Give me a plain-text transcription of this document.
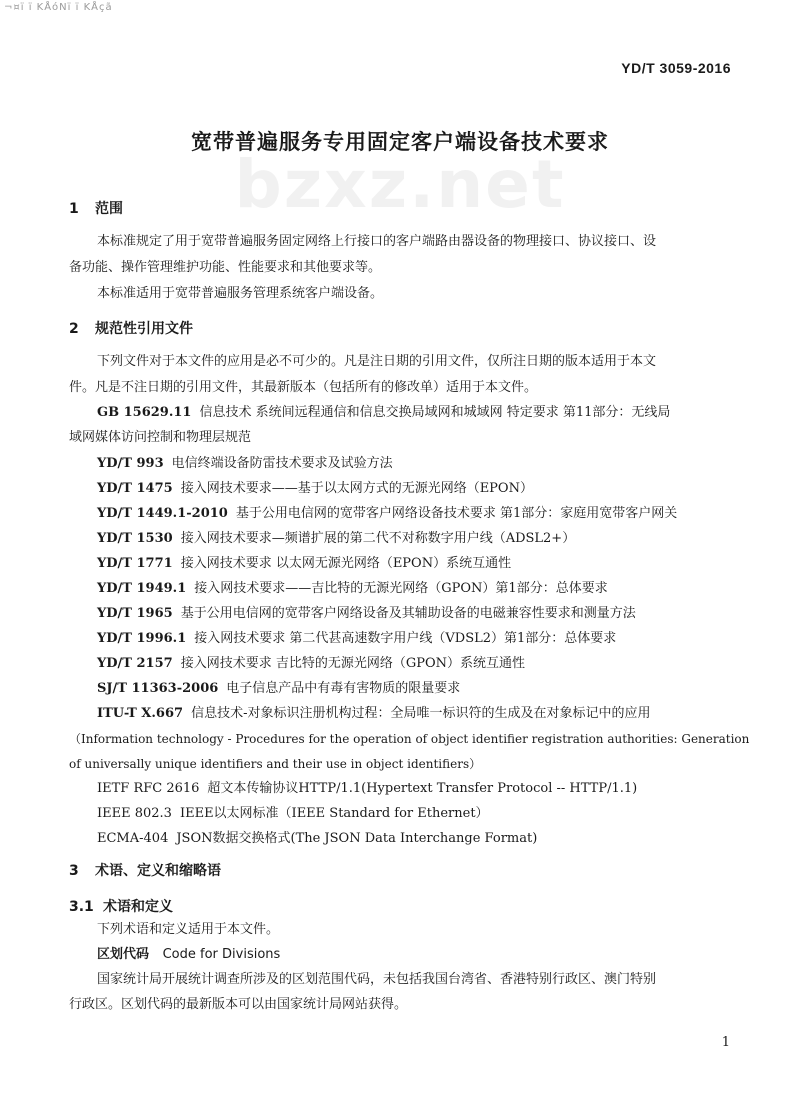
¬¤ï ï KÅóNï ï KÅçã
YD/T 3059-2016
宽带普遍服务专用固定客户端设备技术要求
bzxz.net
1 范围
本标准规定了用于宽带普遍服务固定网络上行接口的客户端路由器设备的物理接口、协议接口、设
备功能、操作管理维护功能、性能要求和其他要求等。
本标准适用于宽带普遍服务管理系统客户端设备。
2 规范性引用文件
下列文件对于本文件的应用是必不可少的。凡是注日期的引用文件，仅所注日期的版本适用于本文
件。凡是不注日期的引用文件，其最新版本（包括所有的修改单）适用于本文件。
GB 15629.11 信息技术 系统间远程通信和信息交换局域网和城域网 特定要求 第11部分：无线局
域网媒体访问控制和物理层规范
YD/T 993 电信终端设备防雷技术要求及试验方法
YD/T 1475 接入网技术要求——基于以太网方式的无源光网络（EPON）
YD/T 1449.1-2010 基于公用电信网的宽带客户网络设备技术要求 第1部分：家庭用宽带客户网关
YD/T 1530 接入网技术要求—频谱扩展的第二代不对称数字用户线（ADSL2+）
YD/T 1771 接入网技术要求 以太网无源光网络（EPON）系统互通性
YD/T 1949.1 接入网技术要求——吉比特的无源光网络（GPON）第1部分：总体要求
YD/T 1965 基于公用电信网的宽带客户网络设备及其辅助设备的电磁兼容性要求和测量方法
YD/T 1996.1 接入网技术要求 第二代甚高速数字用户线（VDSL2）第1部分：总体要求
YD/T 2157 接入网技术要求 吉比特的无源光网络（GPON）系统互通性
SJ/T 11363-2006 电子信息产品中有毒有害物质的限量要求
ITU-T X.667 信息技术-对象标识注册机构过程：全局唯一标识符的生成及在对象标记中的应用
（Information technology - Procedures for the operation of object identifier registration authorities: Generation
of universally unique identifiers and their use in object identifiers）
IETF RFC 2616 超文本传输协议HTTP/1.1(Hypertext Transfer Protocol -- HTTP/1.1)
IEEE 802.3 IEEE以太网标准（IEEE Standard for Ethernet）
ECMA-404 JSON数据交换格式(The JSON Data Interchange Format)
3 术语、定义和缩略语
3.1 术语和定义
下列术语和定义适用于本文件。
区划代码 Code for Divisions
国家统计局开展统计调查所涉及的区划范围代码，未包括我国台湾省、香港特别行政区、澳门特别
行政区。区划代码的最新版本可以由国家统计局网站获得。
1
